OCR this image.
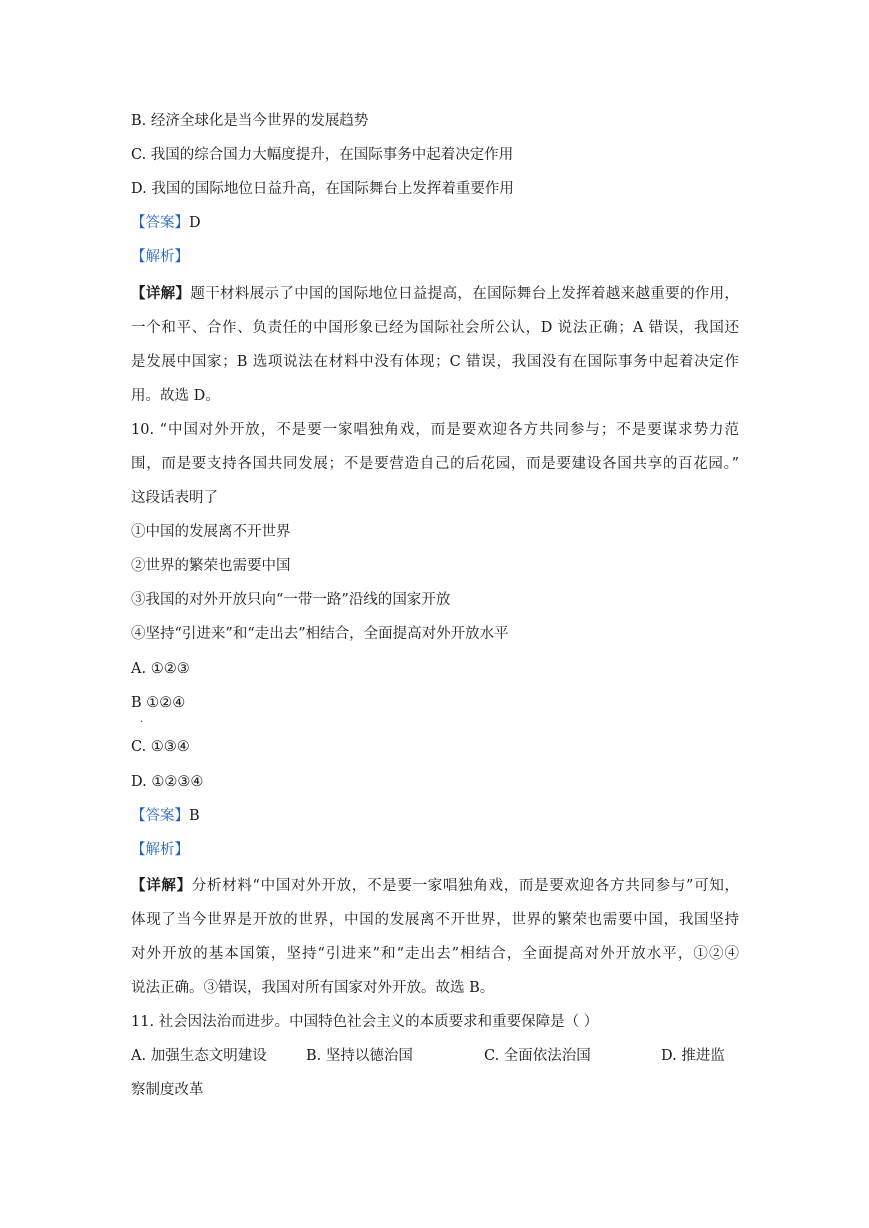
B. 经济全球化是当今世界的发展趋势
C. 我国的综合国力大幅度提升，在国际事务中起着决定作用
D. 我国的国际地位日益升高，在国际舞台上发挥着重要作用
【答案】D
【解析】
【详解】题干材料展示了中国的国际地位日益提高，在国际舞台上发挥着越来越重要的作用，
一个和平、合作、负责任的中国形象已经为国际社会所公认，D 说法正确；A 错误，我国还
是发展中国家；B 选项说法在材料中没有体现；C 错误，我国没有在国际事务中起着决定作
用。故选 D。
10. “中国对外开放，不是要一家唱独角戏，而是要欢迎各方共同参与；不是要谋求势力范
围，而是要支持各国共同发展；不是要营造自己的后花园，而是要建设各国共享的百花园。”
这段话表明了
①中国的发展离不开世界
②世界的繁荣也需要中国
③我国的对外开放只向“一带一路”沿线的国家开放
④坚持“引进来”和“走出去”相结合，全面提高对外开放水平
A. ①②③
B ①②④
.
C. ①③④
D. ①②③④
【答案】B
【解析】
【详解】分析材料“中国对外开放，不是要一家唱独角戏，而是要欢迎各方共同参与”可知，
体现了当今世界是开放的世界，中国的发展离不开世界，世界的繁荣也需要中国，我国坚持
对外开放的基本国策，坚持“引进来”和“走出去”相结合，全面提高对外开放水平，①②④
说法正确。③错误，我国对所有国家对外开放。故选 B。
11. 社会因法治而进步。中国特色社会主义的本质要求和重要保障是（ ）
A. 加强生态文明建设	B. 坚持以德治国	C. 全面依法治国	D. 推进监
察制度改革
